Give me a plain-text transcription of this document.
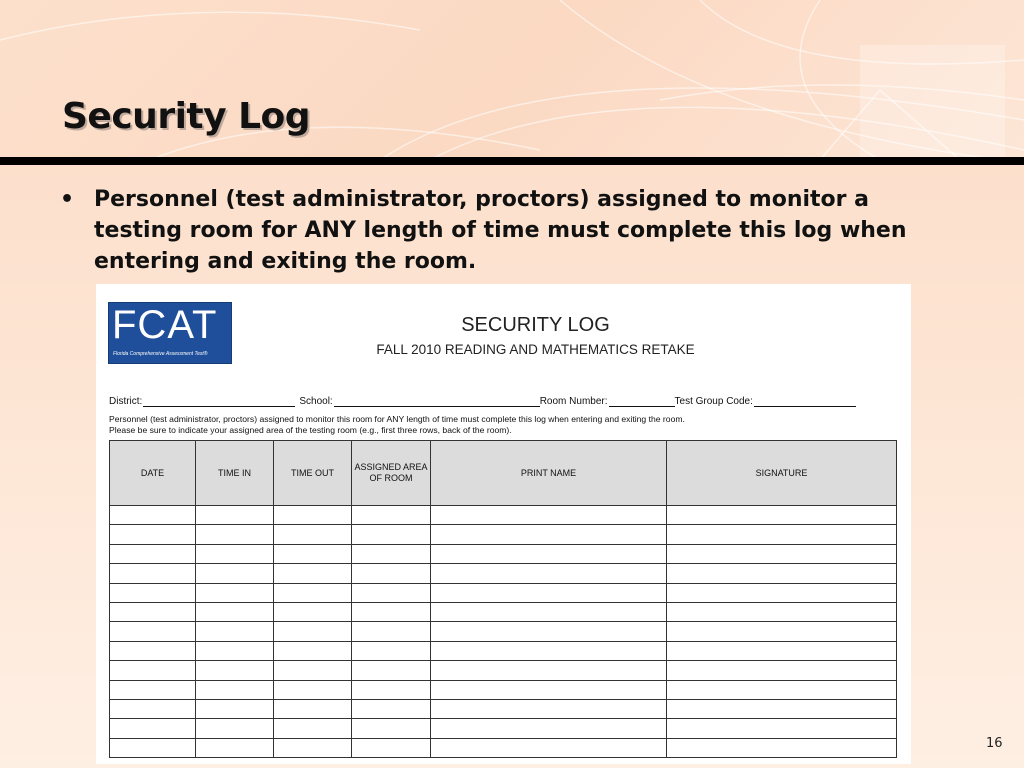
Security Log
• Personnel (test administrator, proctors) assigned to monitor a testing room for ANY length of time must complete this log when entering and exiting the room.
FCAT
Florida Comprehensive Assessment Test®
SECURITY LOG
FALL 2010 READING AND MATHEMATICS RETAKE
District:	School:	Room Number:	Test Group Code:
Personnel (test administrator, proctors) assigned to monitor this room for ANY length of time must complete this log when entering and exiting the room.
Please be sure to indicate your assigned area of the testing room (e.g., first three rows, back of the room).
DATE	TIME IN	TIME OUT	ASSIGNED AREA OF ROOM	PRINT NAME	SIGNATURE

16
